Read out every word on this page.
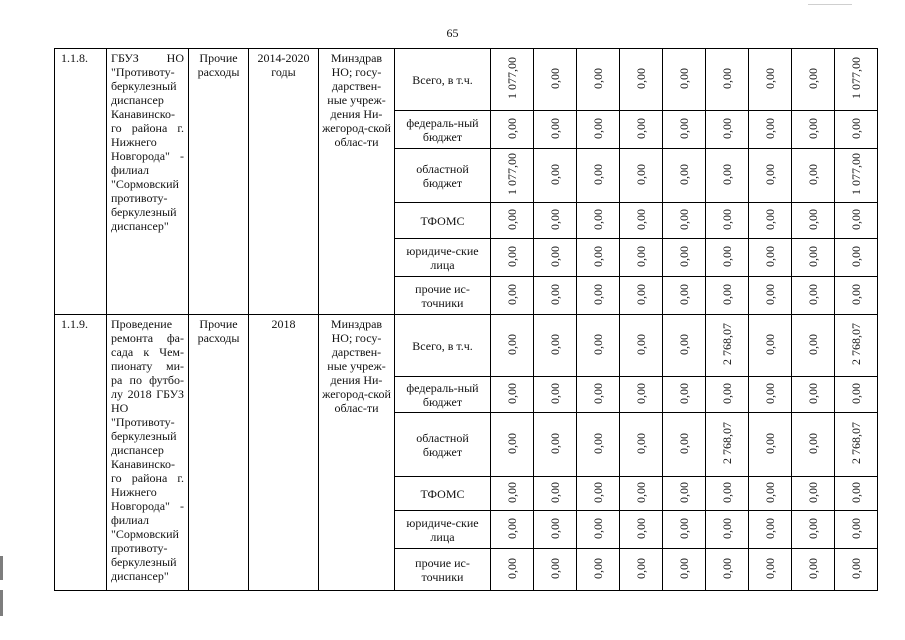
65
1.1.8.	ГБУЗ НО "Противоту-беркулезный диспансер Канавинско-го района г. Нижнего Новгорода" - филиал "Сормовский противоту-беркулезный диспансер"	Прочие расходы	2014-2020 годы	Минздрав НО; госу-дарствен-ные учреж-дения Ни-жегород-ской облас-ти	Всего, в т.ч.	1 077,00	0,00	0,00	0,00	0,00	0,00	0,00	0,00	1 077,00
					федераль-ный бюджет	0,00	0,00	0,00	0,00	0,00	0,00	0,00	0,00	0,00
					областной бюджет	1 077,00	0,00	0,00	0,00	0,00	0,00	0,00	0,00	1 077,00
					ТФОМС	0,00	0,00	0,00	0,00	0,00	0,00	0,00	0,00	0,00
					юридиче-ские лица	0,00	0,00	0,00	0,00	0,00	0,00	0,00	0,00	0,00
					прочие ис-точники	0,00	0,00	0,00	0,00	0,00	0,00	0,00	0,00	0,00
1.1.9.	Проведение ремонта фа-сада к Чем-пионату ми-ра по футбо-лу 2018 ГБУЗ НО "Противоту-беркулезный диспансер Канавинско-го района г. Нижнего Новгорода" - филиал "Сормовский противоту-беркулезный диспансер"	Прочие расходы	2018	Минздрав НО; госу-дарствен-ные учреж-дения Ни-жегород-ской облас-ти	Всего, в т.ч.	0,00	0,00	0,00	0,00	0,00	2 768,07	0,00	0,00	2 768,07
					федераль-ный бюджет	0,00	0,00	0,00	0,00	0,00	0,00	0,00	0,00	0,00
					областной бюджет	0,00	0,00	0,00	0,00	0,00	2 768,07	0,00	0,00	2 768,07
					ТФОМС	0,00	0,00	0,00	0,00	0,00	0,00	0,00	0,00	0,00
					юридиче-ские лица	0,00	0,00	0,00	0,00	0,00	0,00	0,00	0,00	0,00
					прочие ис-точники	0,00	0,00	0,00	0,00	0,00	0,00	0,00	0,00	0,00
